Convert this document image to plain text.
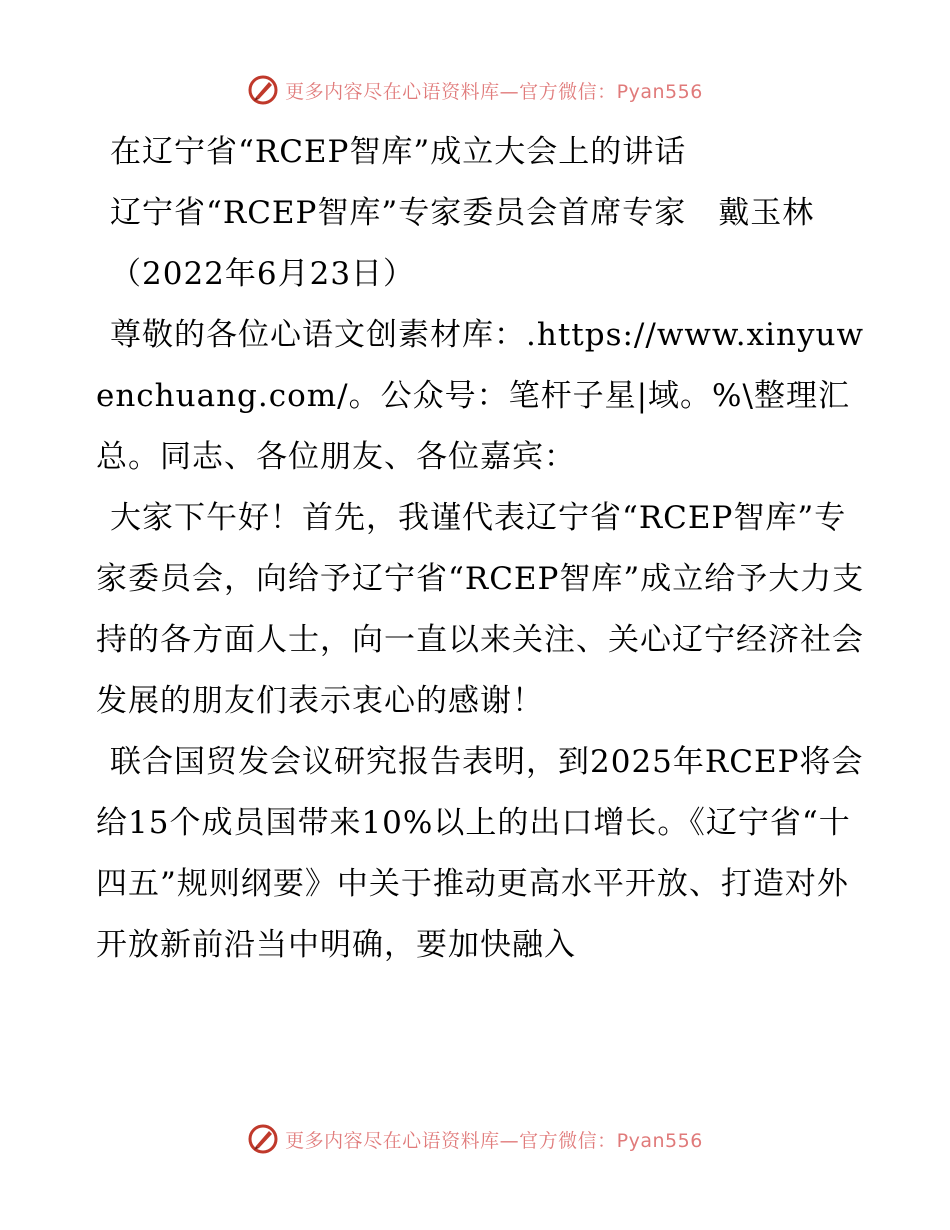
更多内容尽在心语资料库—官方微信：Pyan556

在辽宁省“RCEP智库”成立大会上的讲话

辽宁省“RCEP智库”专家委员会首席专家　戴玉林

（2022年6月23日）

尊敬的各位心语文创素材库：.https://www.xinyuwenchuang.com/。公众号：笔杆子星|域。%\整理汇总。同志、各位朋友、各位嘉宾：

大家下午好！首先，我谨代表辽宁省“RCEP智库”专家委员会，向给予辽宁省“RCEP智库”成立给予大力支持的各方面人士，向一直以来关注、关心辽宁经济社会发展的朋友们表示衷心的感谢！

联合国贸发会议研究报告表明，到2025年RCEP将会给15个成员国带来10%以上的出口增长。《辽宁省“十四五”规则纲要》中关于推动更高水平开放、打造对外开放新前沿当中明确，要加快融入

更多内容尽在心语资料库—官方微信：Pyan556
